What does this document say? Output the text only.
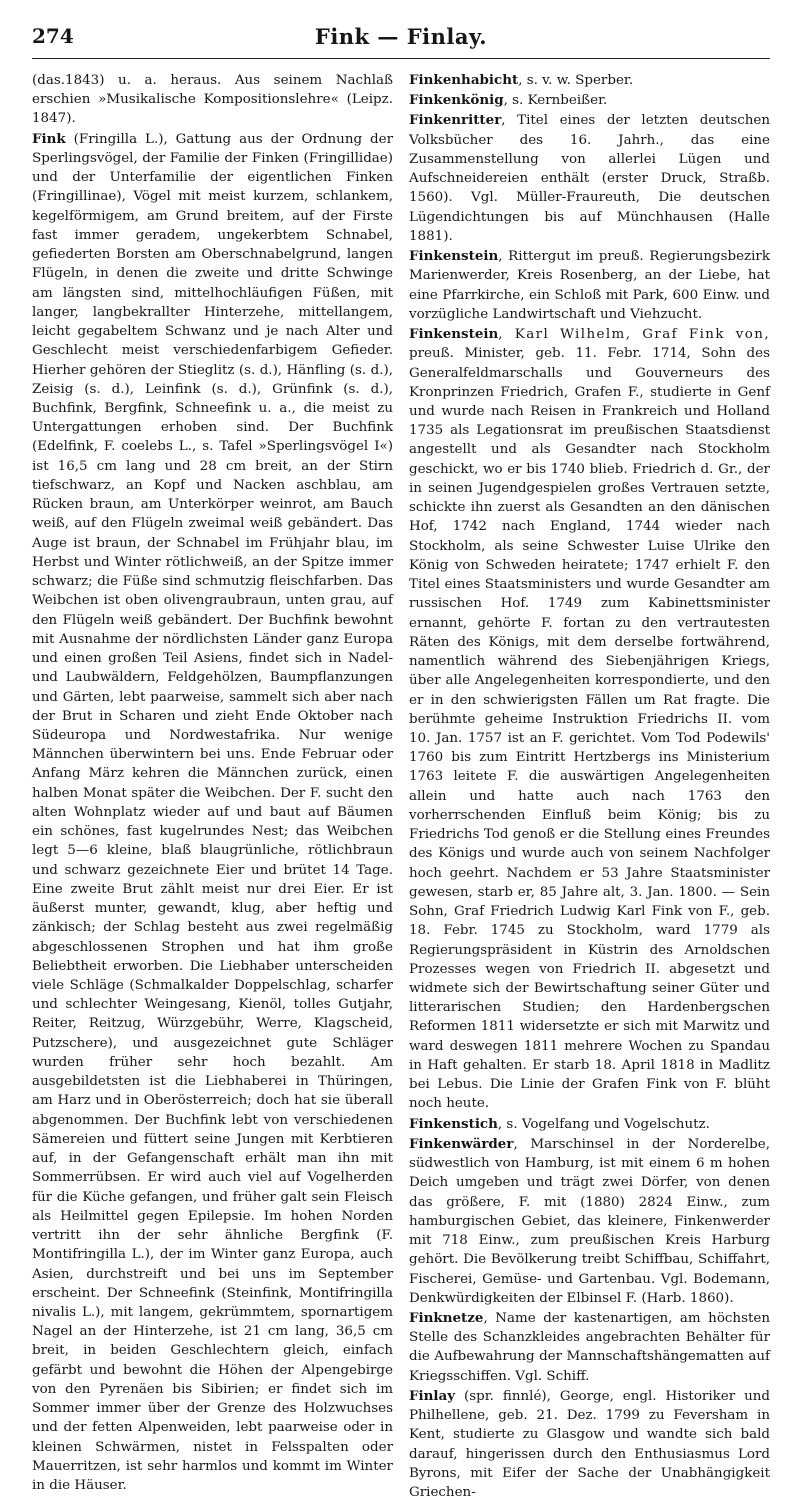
274	Fink — Finlay.

(das.1843) u. a. heraus. Aus seinem Nachlaß erschien »Musikalische Kompositionslehre« (Leipz. 1847).

Fink (Fringilla L.), Gattung aus der Ordnung der Sperlingsvögel, der Familie der Finken (Fringillidae) und der Unterfamilie der eigentlichen Finken (Fringillinae), Vögel mit meist kurzem, schlankem, kegelförmigem, am Grund breitem, auf der Firste fast immer geradem, ungekerbtem Schnabel, gefiederten Borsten am Oberschnabelgrund, langen Flügeln, in denen die zweite und dritte Schwinge am längsten sind, mittelhochläufigen Füßen, mit langer, langbekrallter Hinterzehe, mittellangem, leicht gegabeltem Schwanz und je nach Alter und Geschlecht meist verschiedenfarbigem Gefieder. Hierher gehören der Stieglitz (s. d.), Hänfling (s. d.), Zeisig (s. d.), Leinfink (s. d.), Grünfink (s. d.), Buchfink, Bergfink, Schneefink u. a., die meist zu Untergattungen erhoben sind. Der Buchfink (Edelfink, F. coelebs L., s. Tafel »Sperlingsvögel I«) ist 16,5 cm lang und 28 cm breit, an der Stirn tiefschwarz, an Kopf und Nacken aschblau, am Rücken braun, am Unterkörper weinrot, am Bauch weiß, auf den Flügeln zweimal weiß gebändert. Das Auge ist braun, der Schnabel im Frühjahr blau, im Herbst und Winter rötlichweiß, an der Spitze immer schwarz; die Füße sind schmutzig fleischfarben. Das Weibchen ist oben olivengraubraun, unten grau, auf den Flügeln weiß gebändert. Der Buchfink bewohnt mit Ausnahme der nördlichsten Länder ganz Europa und einen großen Teil Asiens, findet sich in Nadel- und Laubwäldern, Feldgehölzen, Baumpflanzungen und Gärten, lebt paarweise, sammelt sich aber nach der Brut in Scharen und zieht Ende Oktober nach Südeuropa und Nordwestafrika. Nur wenige Männchen überwintern bei uns. Ende Februar oder Anfang März kehren die Männchen zurück, einen halben Monat später die Weibchen. Der F. sucht den alten Wohnplatz wieder auf und baut auf Bäumen ein schönes, fast kugelrundes Nest; das Weibchen legt 5—6 kleine, blaß blaugrünliche, rötlichbraun und schwarz gezeichnete Eier und brütet 14 Tage. Eine zweite Brut zählt meist nur drei Eier. Er ist äußerst munter, gewandt, klug, aber heftig und zänkisch; der Schlag besteht aus zwei regelmäßig abgeschlossenen Strophen und hat ihm große Beliebtheit erworben. Die Liebhaber unterscheiden viele Schläge (Schmalkalder Doppelschlag, scharfer und schlechter Weingesang, Kienöl, tolles Gutjahr, Reiter, Reitzug, Würzgebühr, Werre, Klagscheid, Putzschere), und ausgezeichnet gute Schläger wurden früher sehr hoch bezahlt. Am ausgebildetsten ist die Liebhaberei in Thüringen, am Harz und in Oberösterreich; doch hat sie überall abgenommen. Der Buchfink lebt von verschiedenen Sämereien und füttert seine Jungen mit Kerbtieren auf, in der Gefangenschaft erhält man ihn mit Sommerrübsen. Er wird auch viel auf Vogelherden für die Küche gefangen, und früher galt sein Fleisch als Heilmittel gegen Epilepsie. Im hohen Norden vertritt ihn der sehr ähnliche Bergfink (F. Montifringilla L.), der im Winter ganz Europa, auch Asien, durchstreift und bei uns im September erscheint. Der Schneefink (Steinfink, Montifringilla nivalis L.), mit langem, gekrümmtem, spornartigem Nagel an der Hinterzehe, ist 21 cm lang, 36,5 cm breit, in beiden Geschlechtern gleich, einfach gefärbt und bewohnt die Höhen der Alpengebirge von den Pyrenäen bis Sibirien; er findet sich im Sommer immer über der Grenze des Holzwuchses und der fetten Alpenweiden, lebt paarweise oder in kleinen Schwärmen, nistet in Felsspalten oder Mauerritzen, ist sehr harmlos und kommt im Winter in die Häuser.

Finkenhabicht, s. v. w. Sperber.

Finkenkönig, s. Kernbeißer.

Finkenritter, Titel eines der letzten deutschen Volksbücher des 16. Jahrh., das eine Zusammenstellung von allerlei Lügen und Aufschneidereien enthält (erster Druck, Straßb. 1560). Vgl. Müller-Fraureuth, Die deutschen Lügendichtungen bis auf Münchhausen (Halle 1881).

Finkenstein, Rittergut im preuß. Regierungsbezirk Marienwerder, Kreis Rosenberg, an der Liebe, hat eine Pfarrkirche, ein Schloß mit Park, 600 Einw. und vorzügliche Landwirtschaft und Viehzucht.

Finkenstein, Karl Wilhelm, Graf Fink von, preuß. Minister, geb. 11. Febr. 1714, Sohn des Generalfeldmarschalls und Gouverneurs des Kronprinzen Friedrich, Grafen F., studierte in Genf und wurde nach Reisen in Frankreich und Holland 1735 als Legationsrat im preußischen Staatsdienst angestellt und als Gesandter nach Stockholm geschickt, wo er bis 1740 blieb. Friedrich d. Gr., der in seinen Jugendgespielen großes Vertrauen setzte, schickte ihn zuerst als Gesandten an den dänischen Hof, 1742 nach England, 1744 wieder nach Stockholm, als seine Schwester Luise Ulrike den König von Schweden heiratete; 1747 erhielt F. den Titel eines Staatsministers und wurde Gesandter am russischen Hof. 1749 zum Kabinettsminister ernannt, gehörte F. fortan zu den vertrautesten Räten des Königs, mit dem derselbe fortwährend, namentlich während des Siebenjährigen Kriegs, über alle Angelegenheiten korrespondierte, und den er in den schwierigsten Fällen um Rat fragte. Die berühmte geheime Instruktion Friedrichs II. vom 10. Jan. 1757 ist an F. gerichtet. Vom Tod Podewils' 1760 bis zum Eintritt Hertzbergs ins Ministerium 1763 leitete F. die auswärtigen Angelegenheiten allein und hatte auch nach 1763 den vorherrschenden Einfluß beim König; bis zu Friedrichs Tod genoß er die Stellung eines Freundes des Königs und wurde auch von seinem Nachfolger hoch geehrt. Nachdem er 53 Jahre Staatsminister gewesen, starb er, 85 Jahre alt, 3. Jan. 1800. — Sein Sohn, Graf Friedrich Ludwig Karl Fink von F., geb. 18. Febr. 1745 zu Stockholm, ward 1779 als Regierungspräsident in Küstrin des Arnoldschen Prozesses wegen von Friedrich II. abgesetzt und widmete sich der Bewirtschaftung seiner Güter und litterarischen Studien; den Hardenbergschen Reformen 1811 widersetzte er sich mit Marwitz und ward deswegen 1811 mehrere Wochen zu Spandau in Haft gehalten. Er starb 18. April 1818 in Madlitz bei Lebus. Die Linie der Grafen Fink von F. blüht noch heute.

Finkenstich, s. Vogelfang und Vogelschutz.

Finkenwärder, Marschinsel in der Norderelbe, südwestlich von Hamburg, ist mit einem 6 m hohen Deich umgeben und trägt zwei Dörfer, von denen das größere, F. mit (1880) 2824 Einw., zum hamburgischen Gebiet, das kleinere, Finkenwerder mit 718 Einw., zum preußischen Kreis Harburg gehört. Die Bevölkerung treibt Schiffbau, Schiffahrt, Fischerei, Gemüse- und Gartenbau. Vgl. Bodemann, Denkwürdigkeiten der Elbinsel F. (Harb. 1860).

Finknetze, Name der kastenartigen, am höchsten Stelle des Schanzkleides angebrachten Behälter für die Aufbewahrung der Mannschaftshängematten auf Kriegsschiffen. Vgl. Schiff.

Finlay (spr. finnlé), George, engl. Historiker und Philhellene, geb. 21. Dez. 1799 zu Feversham in Kent, studierte zu Glasgow und wandte sich bald darauf, hingerissen durch den Enthusiasmus Lord Byrons, mit Eifer der Sache der Unabhängigkeit Griechen-
